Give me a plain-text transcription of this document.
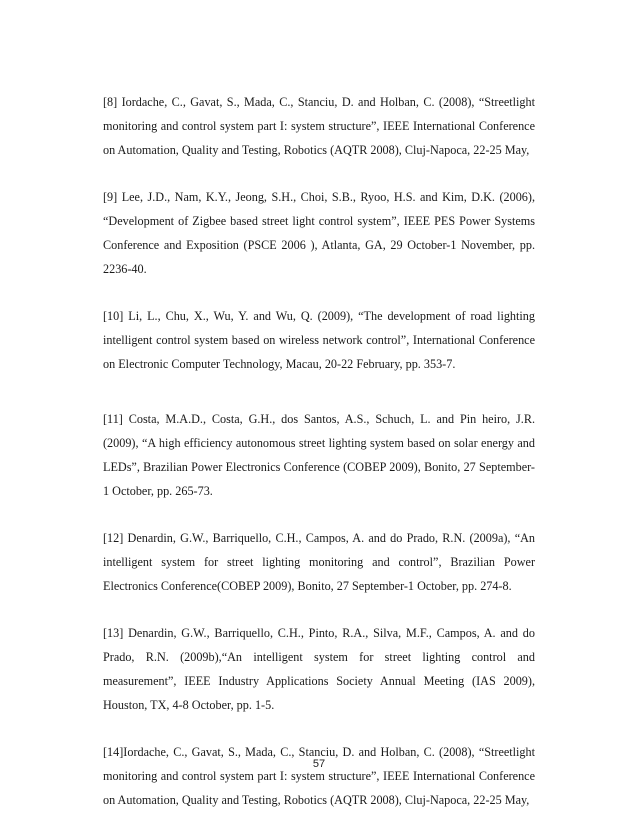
[8] Iordache, C., Gavat, S., Mada, C., Stanciu, D. and Holban, C. (2008), “Streetlight monitoring and control system part I: system structure”, IEEE International Conference on Automation, Quality and Testing, Robotics (AQTR 2008), Cluj-Napoca, 22-25 May,

[9] Lee, J.D., Nam, K.Y., Jeong, S.H., Choi, S.B., Ryoo, H.S. and Kim, D.K. (2006), “Development of Zigbee based street light control system”, IEEE PES Power Systems Conference and Exposition (PSCE 2006 ), Atlanta, GA, 29 October-1 November, pp. 2236-40.

[10] Li, L., Chu, X., Wu, Y. and Wu, Q. (2009), “The development of road lighting intelligent control system based on wireless network control”, International Conference on Electronic Computer Technology, Macau, 20-22 February, pp. 353-7.

[11] Costa, M.A.D., Costa, G.H., dos Santos, A.S., Schuch, L. and Pin heiro, J.R. (2009), “A high efficiency autonomous street lighting system based on solar energy and LEDs”, Brazilian Power Electronics Conference (COBEP 2009), Bonito, 27 September-1 October, pp. 265-73.

[12] Denardin, G.W., Barriquello, C.H., Campos, A. and do Prado, R.N. (2009a), “An intelligent system for street lighting monitoring and control”, Brazilian Power Electronics Conference(COBEP 2009), Bonito, 27 September-1 October, pp. 274-8.

[13] Denardin, G.W., Barriquello, C.H., Pinto, R.A., Silva, M.F., Campos, A. and do Prado, R.N. (2009b),“An intelligent system for street lighting control and measurement”, IEEE Industry Applications Society Annual Meeting (IAS 2009), Houston, TX, 4-8 October, pp. 1-5.

[14]Iordache, C., Gavat, S., Mada, C., Stanciu, D. and Holban, C. (2008), “Streetlight monitoring and control system part I: system structure”, IEEE International Conference on Automation, Quality and Testing, Robotics (AQTR 2008), Cluj-Napoca, 22-25 May,

57
